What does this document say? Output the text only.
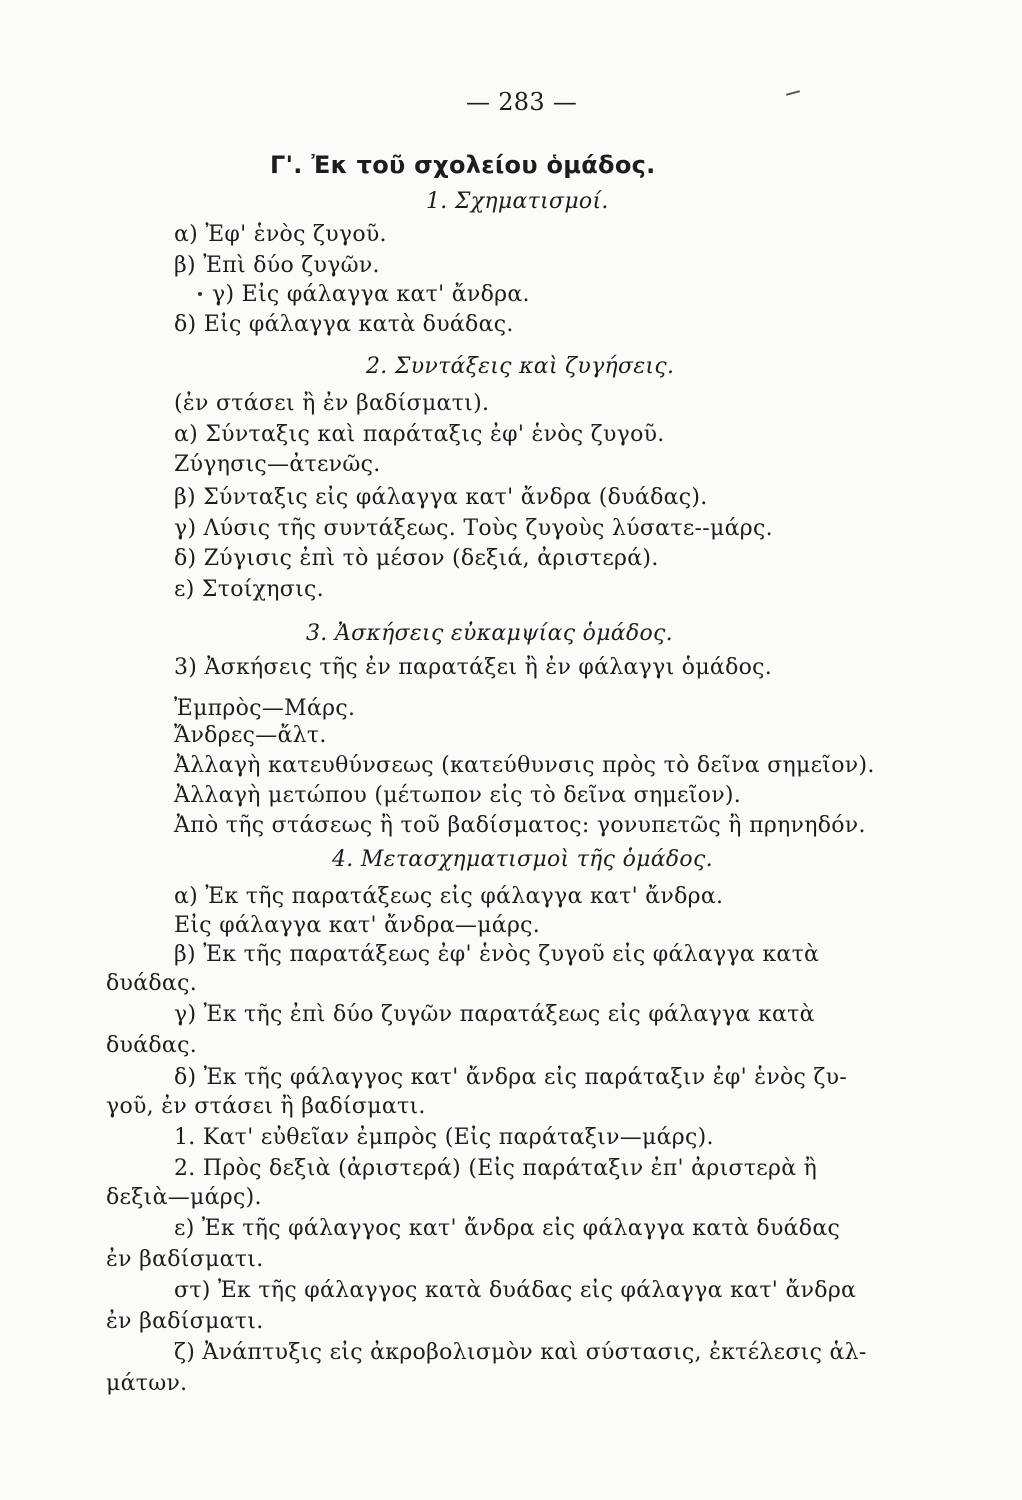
— 283 —
Γ'. Ἐκ τοῦ σχολείου ὁμάδος.
1. Σχηματισμοί.
α) Ἐφ' ἑνὸς ζυγοῦ.
β) Ἐπὶ δύο ζυγῶν.
γ) Εἰς φάλαγγα κατ' ἄνδρα.
δ) Εἰς φάλαγγα κατὰ δυάδας.
2. Συντάξεις καὶ ζυγήσεις.
(ἐν στάσει ἢ ἐν βαδίσματι).
α) Σύνταξις καὶ παράταξις ἐφ' ἑνὸς ζυγοῦ.
Ζύγησις—ἀτενῶς.
β) Σύνταξις εἰς φάλαγγα κατ' ἄνδρα (δυάδας).
γ) Λύσις τῆς συντάξεως. Τοὺς ζυγοὺς λύσατε--μάρς.
δ) Ζύγισις ἐπὶ τὸ μέσον (δεξιά, ἀριστερά).
ε) Στοίχησις.
3. Ἀσκήσεις εὐκαμψίας ὁμάδος.
3) Ἀσκήσεις τῆς ἐν παρατάξει ἢ ἐν φάλαγγι ὁμάδος.
Ἐμπρὸς—Μάρς.
Ἄνδρες—ἄλτ.
Ἀλλαγὴ κατευθύνσεως (κατεύθυνσις πρὸς τὸ δεῖνα σημεῖον).
Ἀλλαγὴ μετώπου (μέτωπον εἰς τὸ δεῖνα σημεῖον).
Ἀπὸ τῆς στάσεως ἢ τοῦ βαδίσματος: γονυπετῶς ἢ πρηνηδόν.
4. Μετασχηματισμοὶ τῆς ὁμάδος.
α) Ἐκ τῆς παρατάξεως εἰς φάλαγγα κατ' ἄνδρα.
Εἰς φάλαγγα κατ' ἄνδρα—μάρς.
β) Ἐκ τῆς παρατάξεως ἐφ' ἑνὸς ζυγοῦ εἰς φάλαγγα κατὰ
δυάδας.
γ) Ἐκ τῆς ἐπὶ δύο ζυγῶν παρατάξεως εἰς φάλαγγα κατὰ
δυάδας.
δ) Ἐκ τῆς φάλαγγος κατ' ἄνδρα εἰς παράταξιν ἐφ' ἑνὸς ζυ-
γοῦ, ἐν στάσει ἢ βαδίσματι.
1. Κατ' εὐθεῖαν ἐμπρὸς (Εἰς παράταξιν—μάρς).
2. Πρὸς δεξιὰ (ἀριστερά) (Εἰς παράταξιν ἐπ' ἀριστερὰ ἢ
δεξιὰ—μάρς).
ε) Ἐκ τῆς φάλαγγος κατ' ἄνδρα εἰς φάλαγγα κατὰ δυάδας
ἐν βαδίσματι.
στ) Ἐκ τῆς φάλαγγος κατὰ δυάδας εἰς φάλαγγα κατ' ἄνδρα
ἐν βαδίσματι.
ζ) Ἀνάπτυξις εἰς ἀκροβολισμὸν καὶ σύστασις, ἐκτέλεσις ἁλ-
μάτων.
